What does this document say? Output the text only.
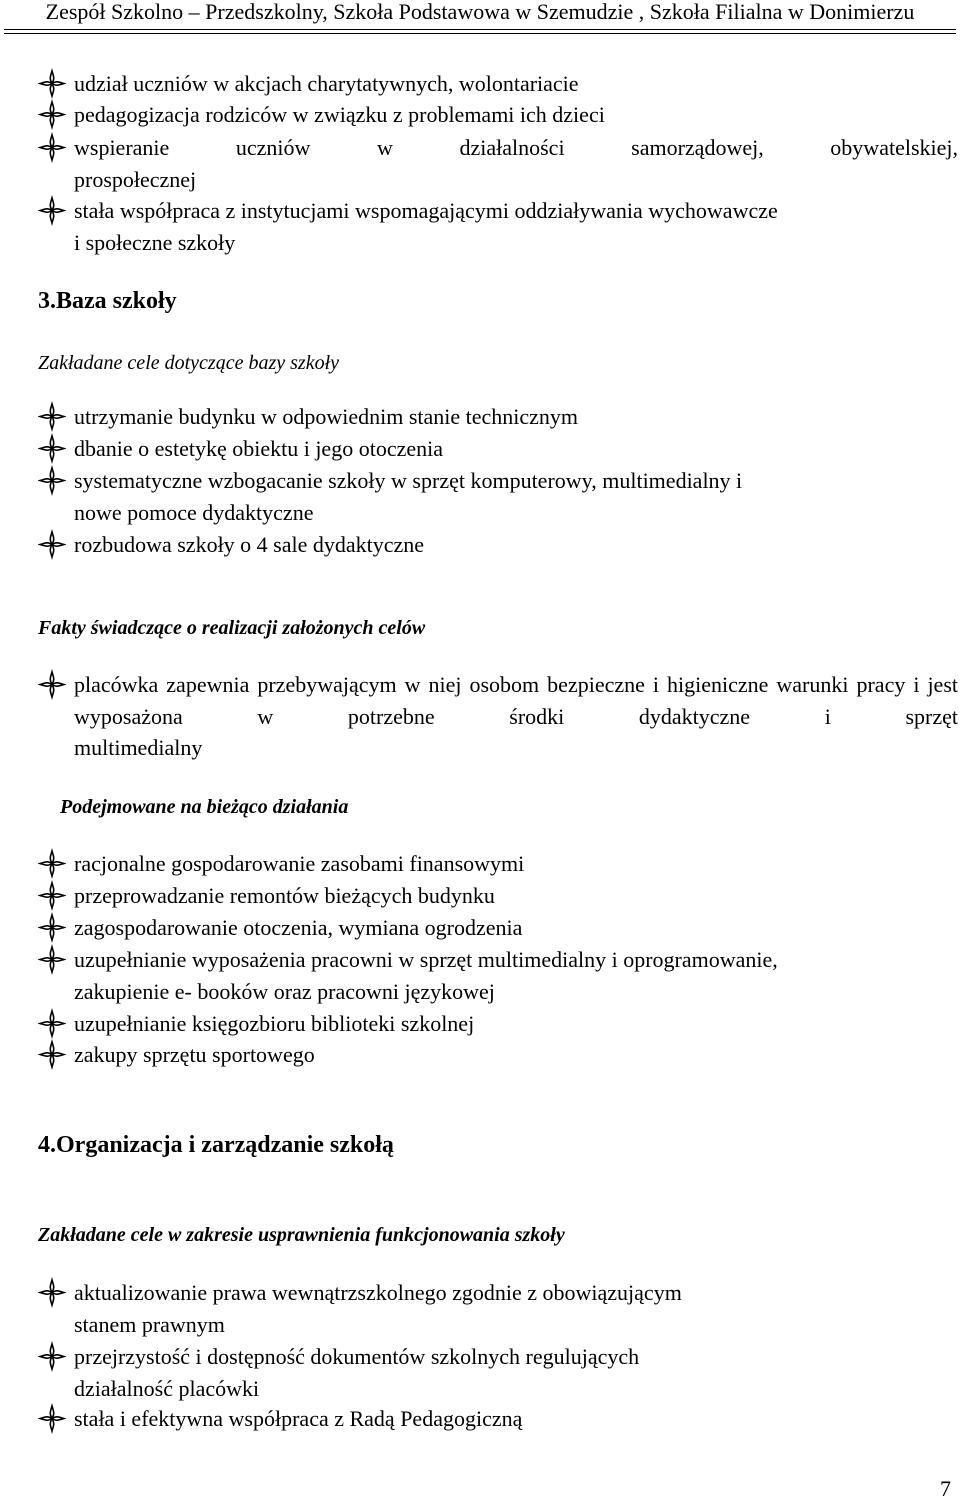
Zespół Szkolno – Przedszkolny, Szkoła Podstawowa w Szemudzie , Szkoła Filialna w Donimierzu
udział uczniów w akcjach charytatywnych, wolontariacie
pedagogizacja rodziców w związku z problemami ich dzieci
wspieranie uczniów w działalności samorządowej, obywatelskiej,
prospołecznej
stała współpraca z instytucjami wspomagającymi oddziaływania wychowawcze
i społeczne szkoły
3.Baza szkoły
Zakładane cele dotyczące bazy szkoły
utrzymanie budynku w odpowiednim stanie technicznym
dbanie o estetykę obiektu i jego otoczenia
systematyczne wzbogacanie szkoły w sprzęt komputerowy, multimedialny i
nowe pomoce dydaktyczne
rozbudowa szkoły o 4 sale dydaktyczne
Fakty świadczące o realizacji założonych celów
placówka zapewnia przebywającym w niej osobom bezpieczne i higieniczne warunki pracy i jest wyposażona w potrzebne środki dydaktyczne i sprzęt
multimedialny
Podejmowane na bieżąco działania
racjonalne gospodarowanie zasobami finansowymi
przeprowadzanie remontów bieżących budynku
zagospodarowanie otoczenia, wymiana ogrodzenia
uzupełnianie wyposażenia pracowni w sprzęt multimedialny i oprogramowanie,
zakupienie e- booków oraz pracowni językowej
uzupełnianie księgozbioru biblioteki szkolnej
zakupy sprzętu sportowego
4.Organizacja i zarządzanie szkołą
Zakładane cele w zakresie usprawnienia funkcjonowania szkoły
aktualizowanie prawa wewnątrzszkolnego zgodnie z obowiązującym
stanem prawnym
przejrzystość i dostępność dokumentów szkolnych regulujących
działalność placówki
stała i efektywna współpraca z Radą Pedagogiczną
7
